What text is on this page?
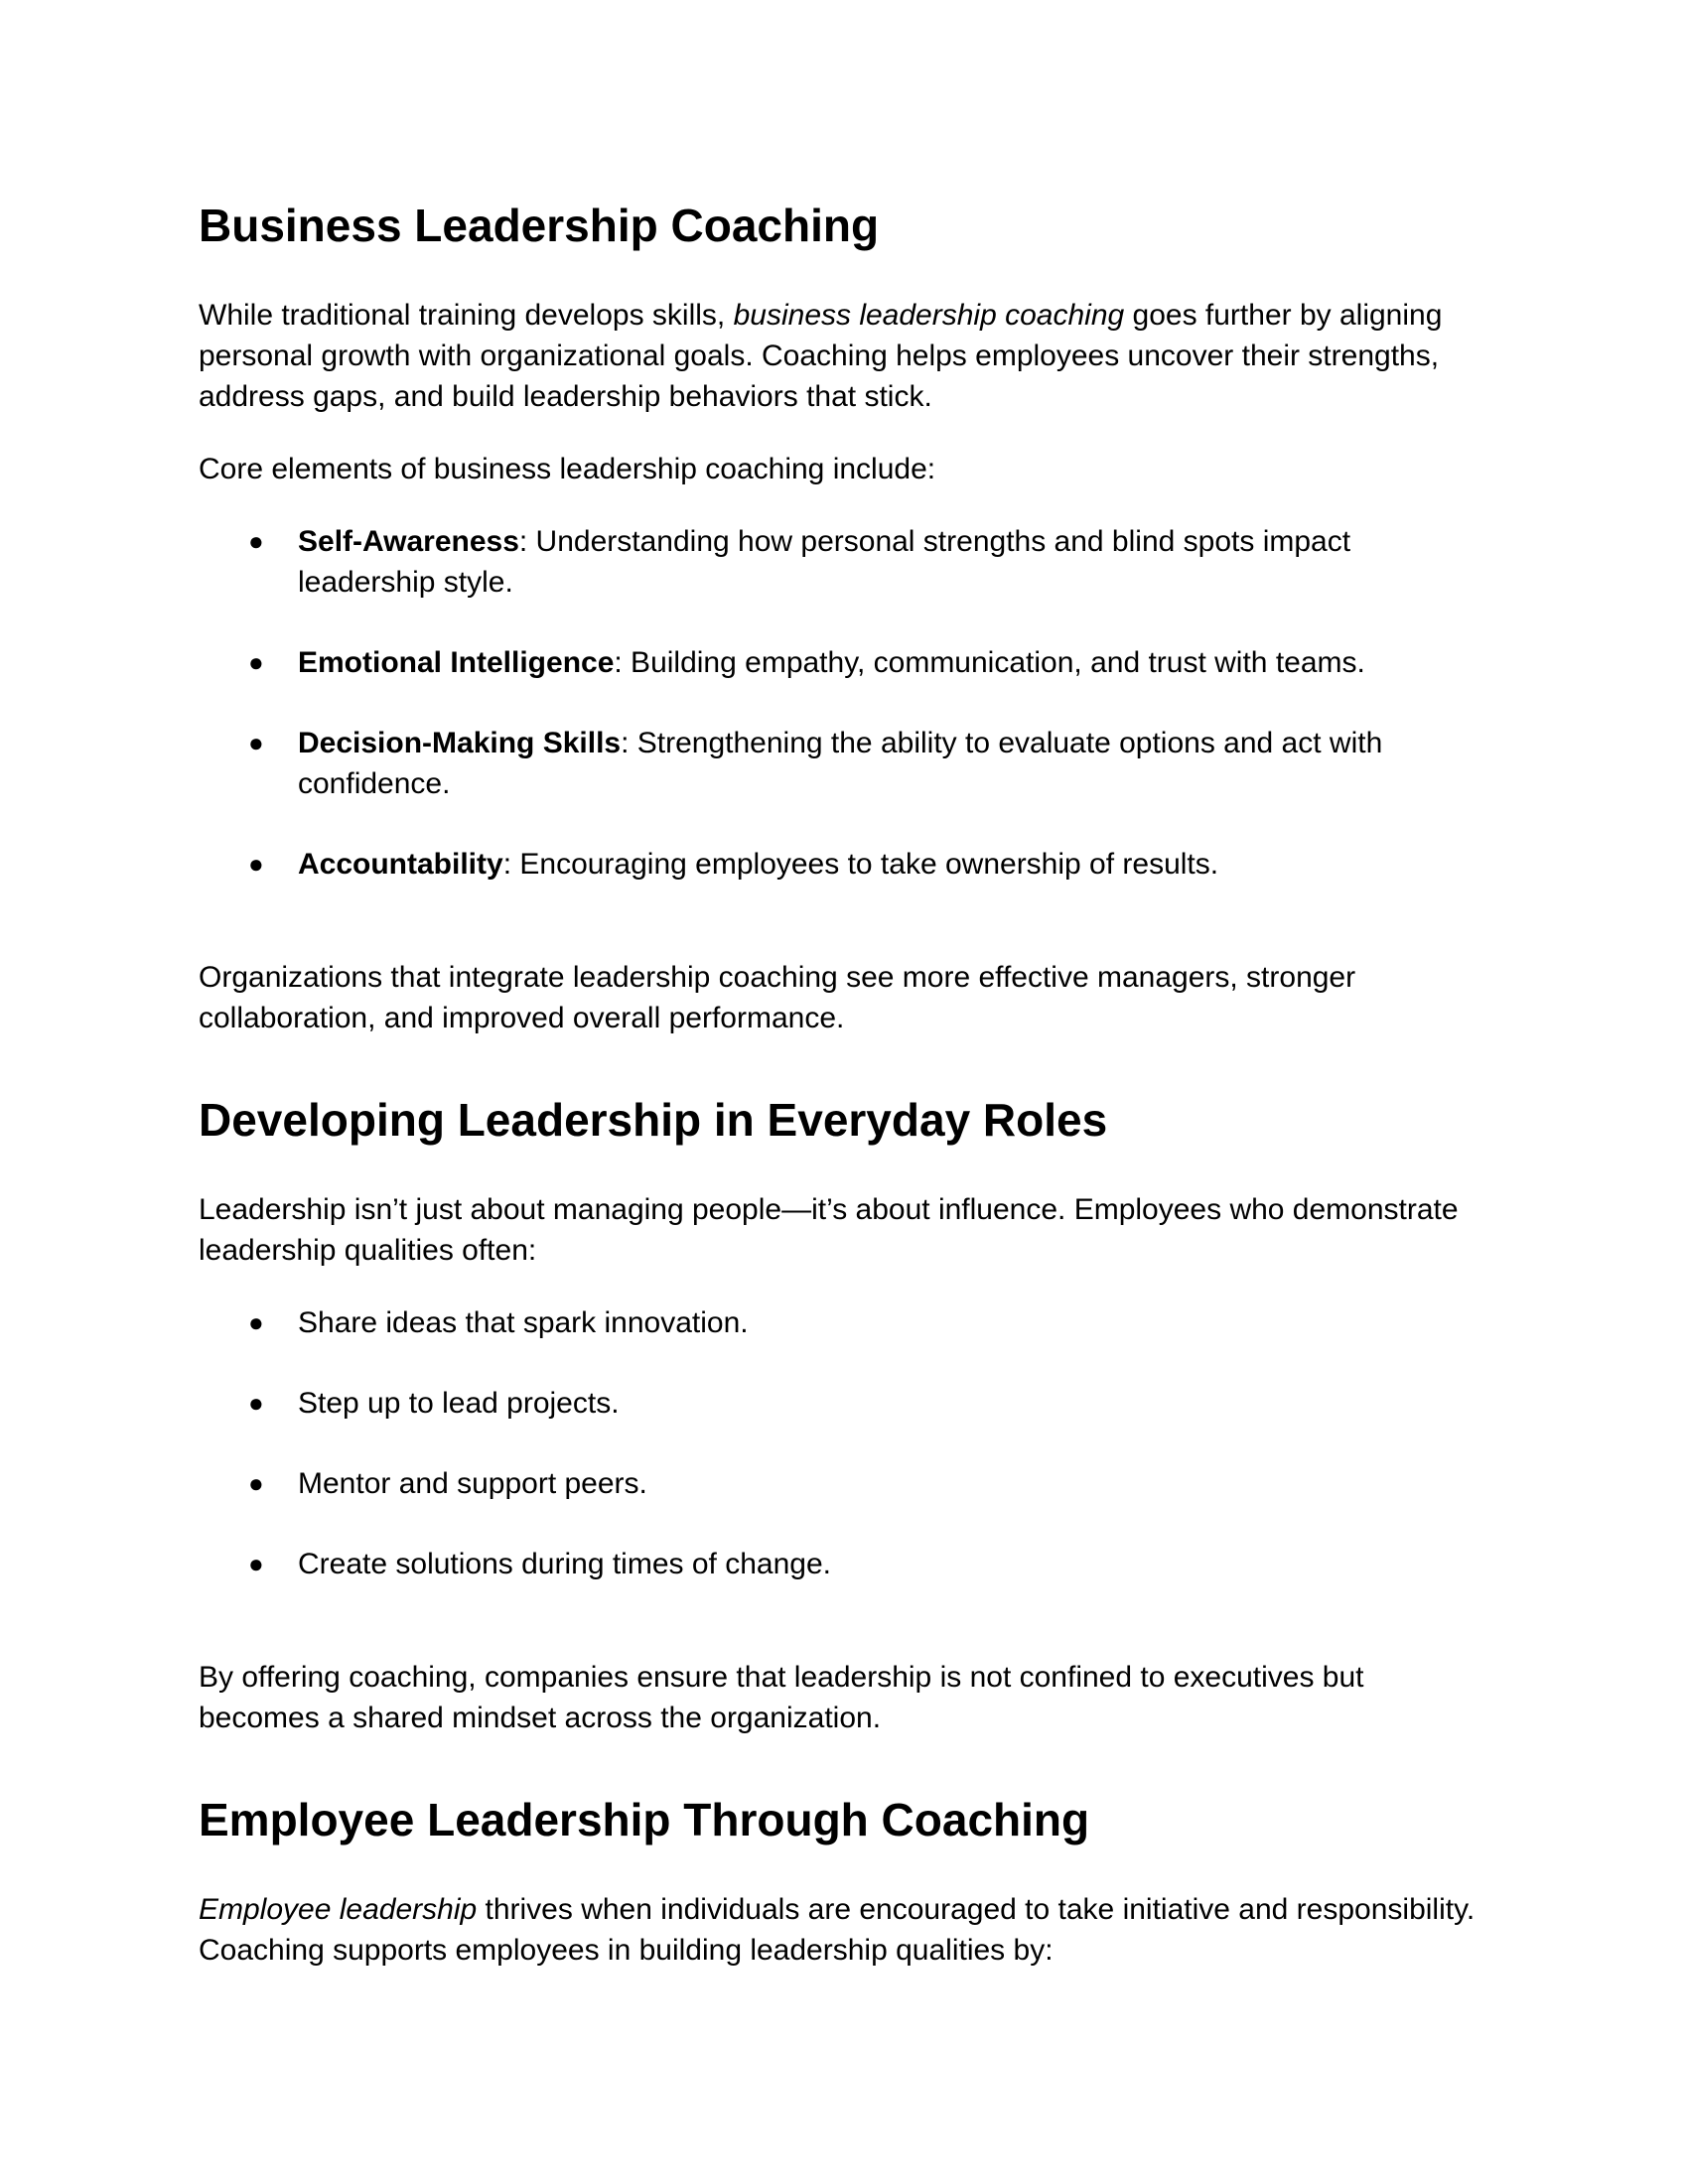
Business Leadership Coaching

While traditional training develops skills, business leadership coaching goes further by aligning personal growth with organizational goals. Coaching helps employees uncover their strengths, address gaps, and build leadership behaviors that stick.

Core elements of business leadership coaching include:

● Self-Awareness: Understanding how personal strengths and blind spots impact leadership style.
● Emotional Intelligence: Building empathy, communication, and trust with teams.
● Decision-Making Skills: Strengthening the ability to evaluate options and act with confidence.
● Accountability: Encouraging employees to take ownership of results.

Organizations that integrate leadership coaching see more effective managers, stronger collaboration, and improved overall performance.

Developing Leadership in Everyday Roles

Leadership isn’t just about managing people—it’s about influence. Employees who demonstrate leadership qualities often:

● Share ideas that spark innovation.
● Step up to lead projects.
● Mentor and support peers.
● Create solutions during times of change.

By offering coaching, companies ensure that leadership is not confined to executives but becomes a shared mindset across the organization.

Employee Leadership Through Coaching

Employee leadership thrives when individuals are encouraged to take initiative and responsibility. Coaching supports employees in building leadership qualities by:
